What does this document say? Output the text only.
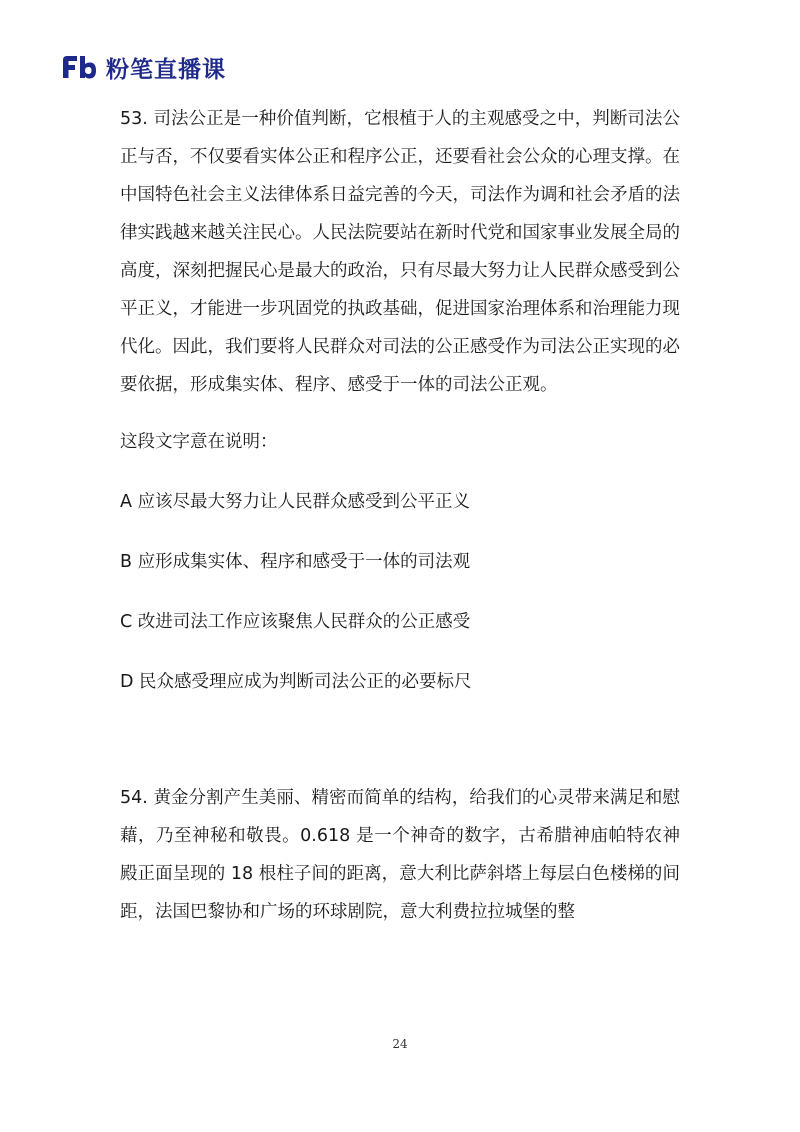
粉笔直播课

53. 司法公正是一种价值判断，它根植于人的主观感受之中，判断司法公正与否，不仅要看实体公正和程序公正，还要看社会公众的心理支撑。在中国特色社会主义法律体系日益完善的今天，司法作为调和社会矛盾的法律实践越来越关注民心。人民法院要站在新时代党和国家事业发展全局的高度，深刻把握民心是最大的政治，只有尽最大努力让人民群众感受到公平正义，才能进一步巩固党的执政基础，促进国家治理体系和治理能力现代化。因此，我们要将人民群众对司法的公正感受作为司法公正实现的必要依据，形成集实体、程序、感受于一体的司法公正观。

这段文字意在说明：

A 应该尽最大努力让人民群众感受到公平正义

B 应形成集实体、程序和感受于一体的司法观

C 改进司法工作应该聚焦人民群众的公正感受

D 民众感受理应成为判断司法公正的必要标尺

54. 黄金分割产生美丽、精密而简单的结构，给我们的心灵带来满足和慰藉，乃至神秘和敬畏。0.618 是一个神奇的数字，古希腊神庙帕特农神殿正面呈现的 18 根柱子间的距离，意大利比萨斜塔上每层白色楼梯的间距，法国巴黎协和广场的环球剧院，意大利费拉拉城堡的整

24
